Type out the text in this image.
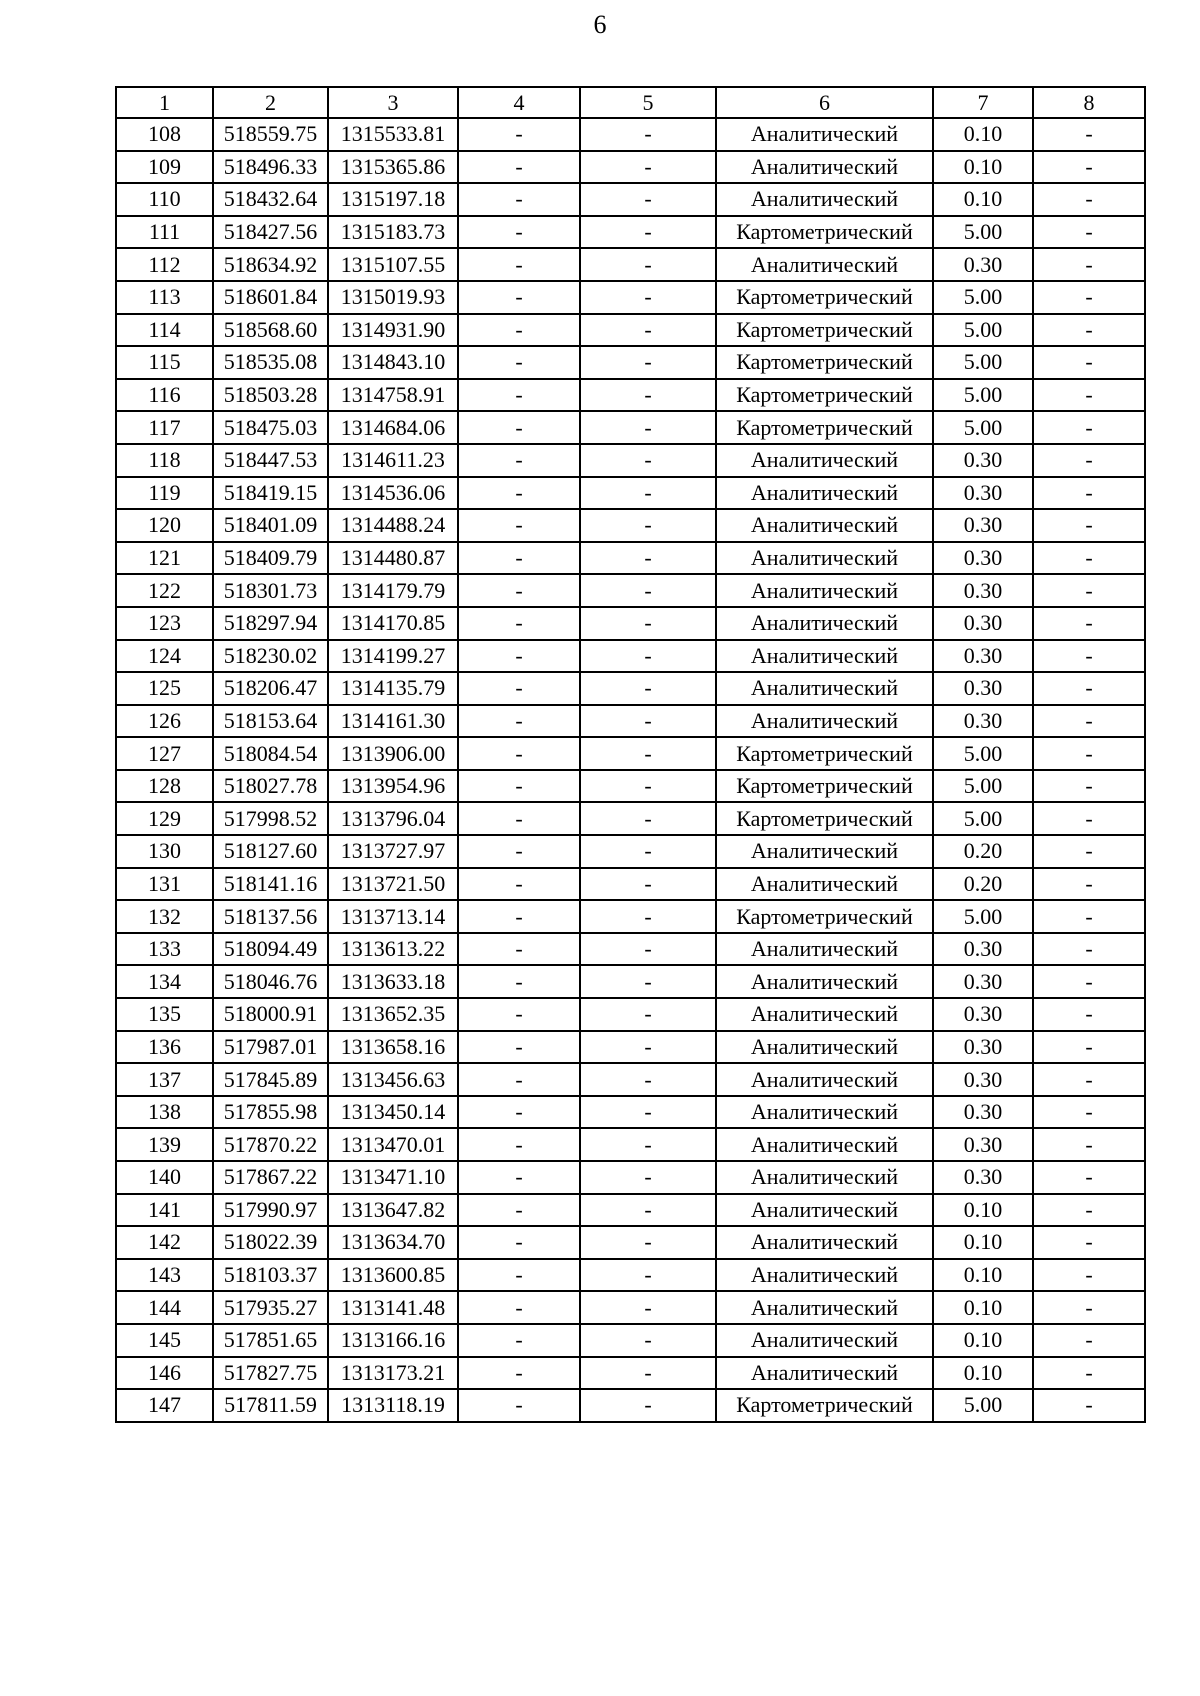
6
1	2	3	4	5	6	7	8
108	518559.75	1315533.81	-	-	Аналитический	0.10	-
109	518496.33	1315365.86	-	-	Аналитический	0.10	-
110	518432.64	1315197.18	-	-	Аналитический	0.10	-
111	518427.56	1315183.73	-	-	Картометрический	5.00	-
112	518634.92	1315107.55	-	-	Аналитический	0.30	-
113	518601.84	1315019.93	-	-	Картометрический	5.00	-
114	518568.60	1314931.90	-	-	Картометрический	5.00	-
115	518535.08	1314843.10	-	-	Картометрический	5.00	-
116	518503.28	1314758.91	-	-	Картометрический	5.00	-
117	518475.03	1314684.06	-	-	Картометрический	5.00	-
118	518447.53	1314611.23	-	-	Аналитический	0.30	-
119	518419.15	1314536.06	-	-	Аналитический	0.30	-
120	518401.09	1314488.24	-	-	Аналитический	0.30	-
121	518409.79	1314480.87	-	-	Аналитический	0.30	-
122	518301.73	1314179.79	-	-	Аналитический	0.30	-
123	518297.94	1314170.85	-	-	Аналитический	0.30	-
124	518230.02	1314199.27	-	-	Аналитический	0.30	-
125	518206.47	1314135.79	-	-	Аналитический	0.30	-
126	518153.64	1314161.30	-	-	Аналитический	0.30	-
127	518084.54	1313906.00	-	-	Картометрический	5.00	-
128	518027.78	1313954.96	-	-	Картометрический	5.00	-
129	517998.52	1313796.04	-	-	Картометрический	5.00	-
130	518127.60	1313727.97	-	-	Аналитический	0.20	-
131	518141.16	1313721.50	-	-	Аналитический	0.20	-
132	518137.56	1313713.14	-	-	Картометрический	5.00	-
133	518094.49	1313613.22	-	-	Аналитический	0.30	-
134	518046.76	1313633.18	-	-	Аналитический	0.30	-
135	518000.91	1313652.35	-	-	Аналитический	0.30	-
136	517987.01	1313658.16	-	-	Аналитический	0.30	-
137	517845.89	1313456.63	-	-	Аналитический	0.30	-
138	517855.98	1313450.14	-	-	Аналитический	0.30	-
139	517870.22	1313470.01	-	-	Аналитический	0.30	-
140	517867.22	1313471.10	-	-	Аналитический	0.30	-
141	517990.97	1313647.82	-	-	Аналитический	0.10	-
142	518022.39	1313634.70	-	-	Аналитический	0.10	-
143	518103.37	1313600.85	-	-	Аналитический	0.10	-
144	517935.27	1313141.48	-	-	Аналитический	0.10	-
145	517851.65	1313166.16	-	-	Аналитический	0.10	-
146	517827.75	1313173.21	-	-	Аналитический	0.10	-
147	517811.59	1313118.19	-	-	Картометрический	5.00	-
